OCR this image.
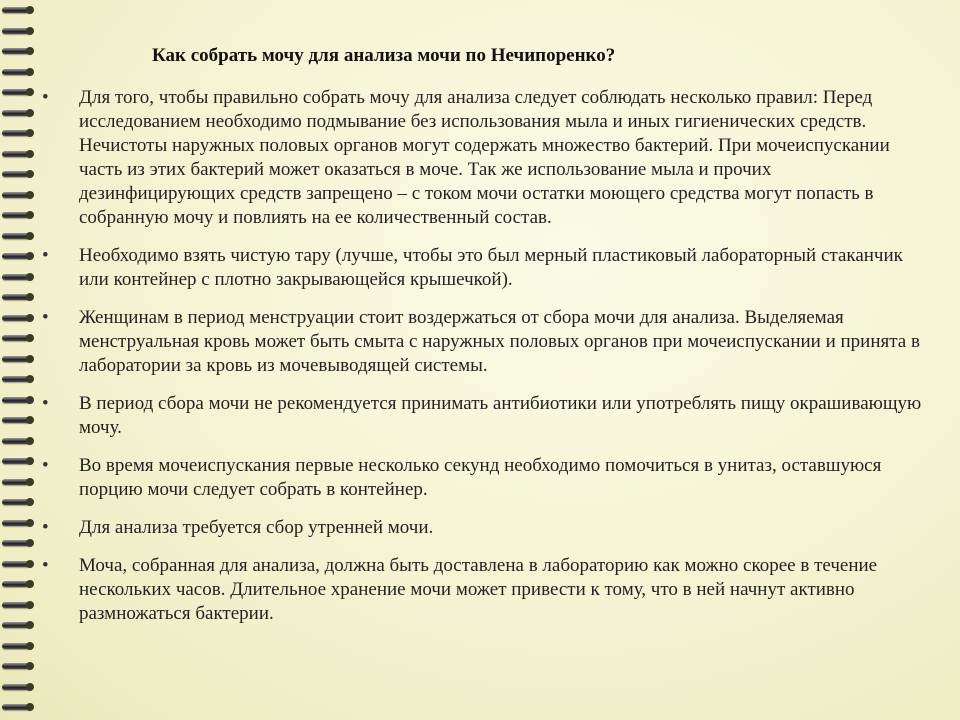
Как собрать мочу для анализа мочи по Нечипоренко?
• Для того, чтобы правильно собрать мочу для анализа следует соблюдать несколько правил: Перед исследованием необходимо подмывание без использования мыла и иных гигиенических средств. Нечистоты наружных половых органов могут содержать множество бактерий. При мочеиспускании часть из этих бактерий может оказаться в моче. Так же использование мыла и прочих дезинфицирующих средств запрещено – с током мочи остатки моющего средства могут попасть в собранную мочу и повлиять на ее количественный состав.
• Необходимо взять чистую тару (лучше, чтобы это был мерный пластиковый лабораторный стаканчик или контейнер с плотно закрывающейся крышечкой).
• Женщинам в период менструации стоит воздержаться от сбора мочи для анализа. Выделяемая менструальная кровь может быть смыта с наружных половых органов при мочеиспускании и принята в лаборатории за кровь из мочевыводящей системы.
• В период сбора мочи не рекомендуется принимать антибиотики или употреблять пищу окрашивающую мочу.
• Во время мочеиспускания первые несколько секунд необходимо помочиться в унитаз, оставшуюся порцию мочи следует собрать в контейнер.
• Для анализа требуется сбор утренней мочи.
• Моча, собранная для анализа, должна быть доставлена в лабораторию как можно скорее в течение нескольких часов. Длительное хранение мочи может привести к тому, что в ней начнут активно размножаться бактерии.
